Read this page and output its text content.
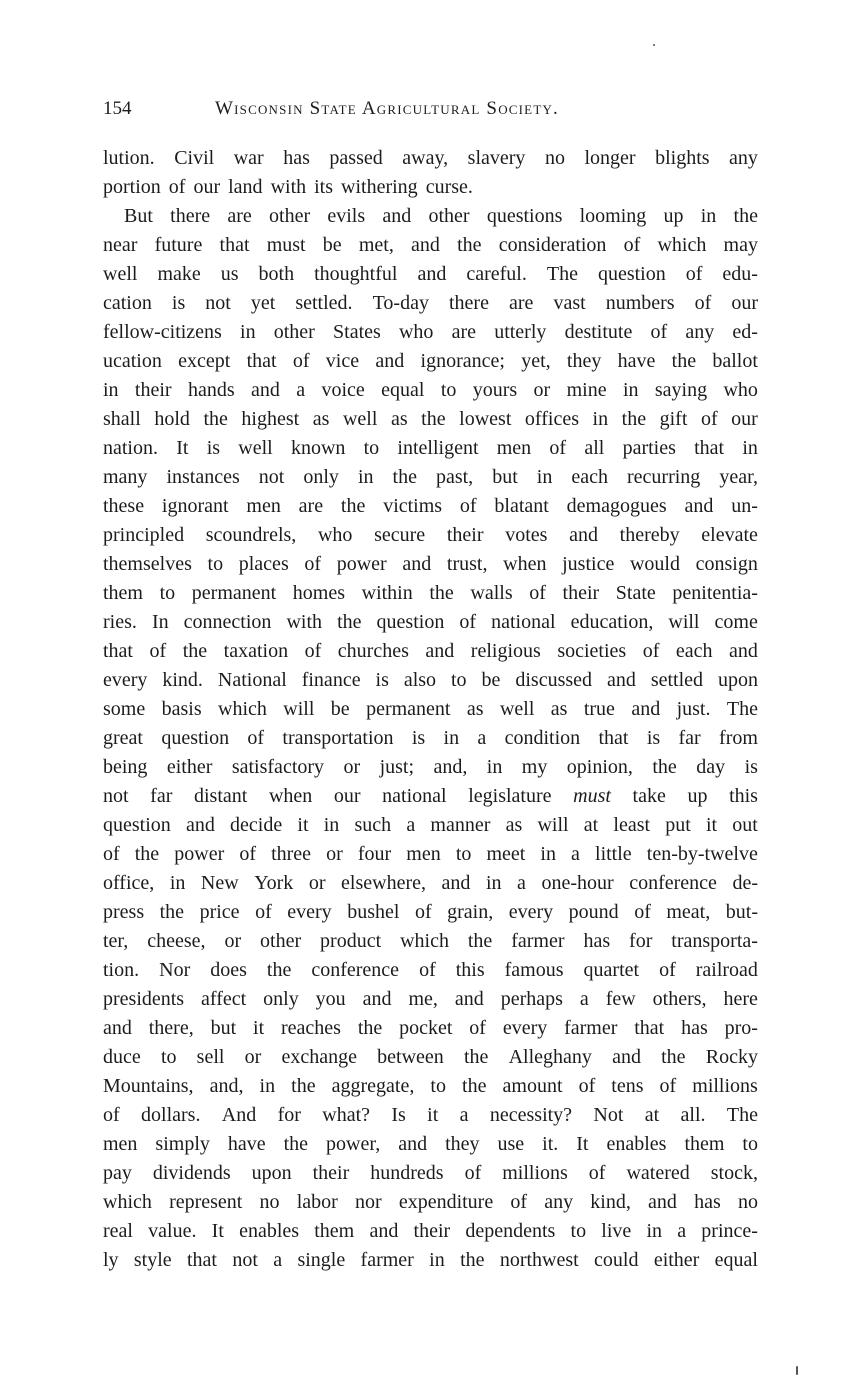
154	Wisconsin State Agricultural Society.
lution. Civil war has passed away, slavery no longer blights any
portion of our land with its withering curse.
But there are other evils and other questions looming up in the
near future that must be met, and the consideration of which may
well make us both thoughtful and careful. The question of edu-
cation is not yet settled. To-day there are vast numbers of our
fellow-citizens in other States who are utterly destitute of any ed-
ucation except that of vice and ignorance; yet, they have the ballot
in their hands and a voice equal to yours or mine in saying who
shall hold the highest as well as the lowest offices in the gift of our
nation. It is well known to intelligent men of all parties that in
many instances not only in the past, but in each recurring year,
these ignorant men are the victims of blatant demagogues and un-
principled scoundrels, who secure their votes and thereby elevate
themselves to places of power and trust, when justice would consign
them to permanent homes within the walls of their State penitentia-
ries. In connection with the question of national education, will come
that of the taxation of churches and religious societies of each and
every kind. National finance is also to be discussed and settled upon
some basis which will be permanent as well as true and just. The
great question of transportation is in a condition that is far from
being either satisfactory or just; and, in my opinion, the day is
not far distant when our national legislature must take up this
question and decide it in such a manner as will at least put it out
of the power of three or four men to meet in a little ten-by-twelve
office, in New York or elsewhere, and in a one-hour conference de-
press the price of every bushel of grain, every pound of meat, but-
ter, cheese, or other product which the farmer has for transporta-
tion. Nor does the conference of this famous quartet of railroad
presidents affect only you and me, and perhaps a few others, here
and there, but it reaches the pocket of every farmer that has pro-
duce to sell or exchange between the Alleghany and the Rocky
Mountains, and, in the aggregate, to the amount of tens of millions
of dollars. And for what? Is it a necessity? Not at all. The
men simply have the power, and they use it. It enables them to
pay dividends upon their hundreds of millions of watered stock,
which represent no labor nor expenditure of any kind, and has no
real value. It enables them and their dependents to live in a prince-
ly style that not a single farmer in the northwest could either equal
